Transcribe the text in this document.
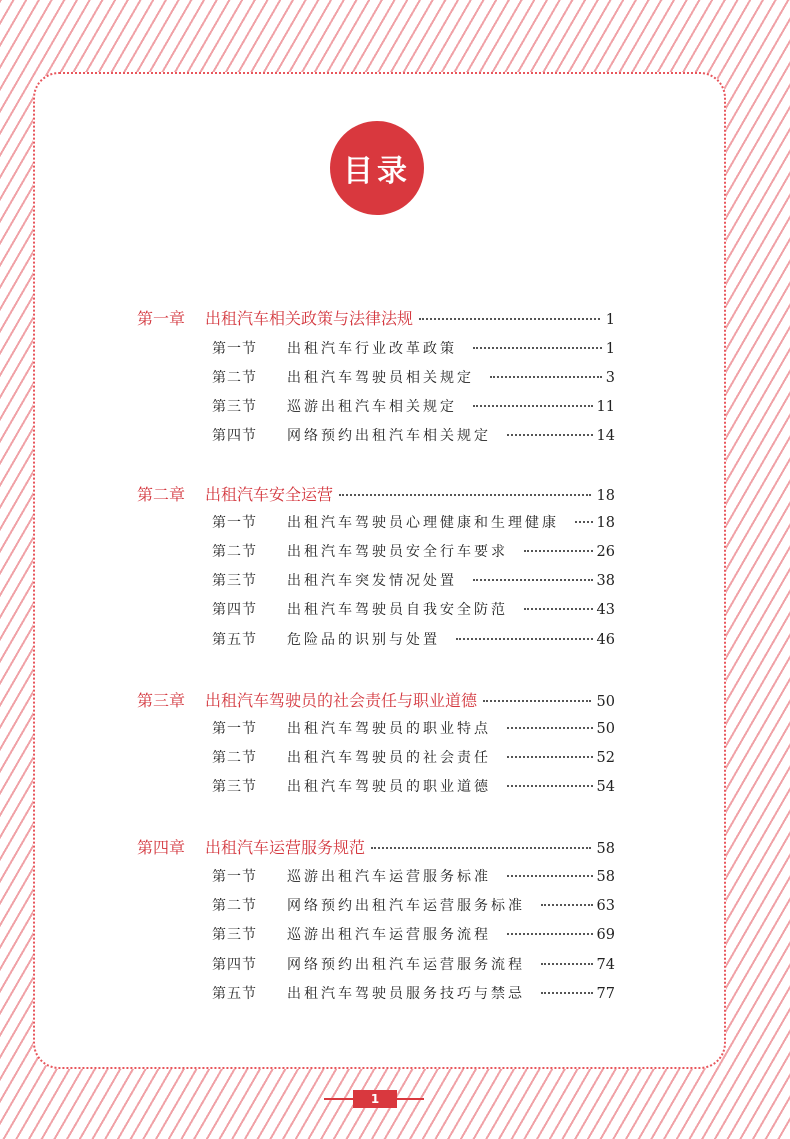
目录
第一章	出租汽车相关政策与法律法规	1
第一节	出租汽车行业改革政策	1
第二节	出租汽车驾驶员相关规定	3
第三节	巡游出租汽车相关规定	11
第四节	网络预约出租汽车相关规定	14
第二章	出租汽车安全运营	18
第一节	出租汽车驾驶员心理健康和生理健康	18
第二节	出租汽车驾驶员安全行车要求	26
第三节	出租汽车突发情况处置	38
第四节	出租汽车驾驶员自我安全防范	43
第五节	危险品的识别与处置	46
第三章	出租汽车驾驶员的社会责任与职业道德	50
第一节	出租汽车驾驶员的职业特点	50
第二节	出租汽车驾驶员的社会责任	52
第三节	出租汽车驾驶员的职业道德	54
第四章	出租汽车运营服务规范	58
第一节	巡游出租汽车运营服务标准	58
第二节	网络预约出租汽车运营服务标准	63
第三节	巡游出租汽车运营服务流程	69
第四节	网络预约出租汽车运营服务流程	74
第五节	出租汽车驾驶员服务技巧与禁忌	77
1
